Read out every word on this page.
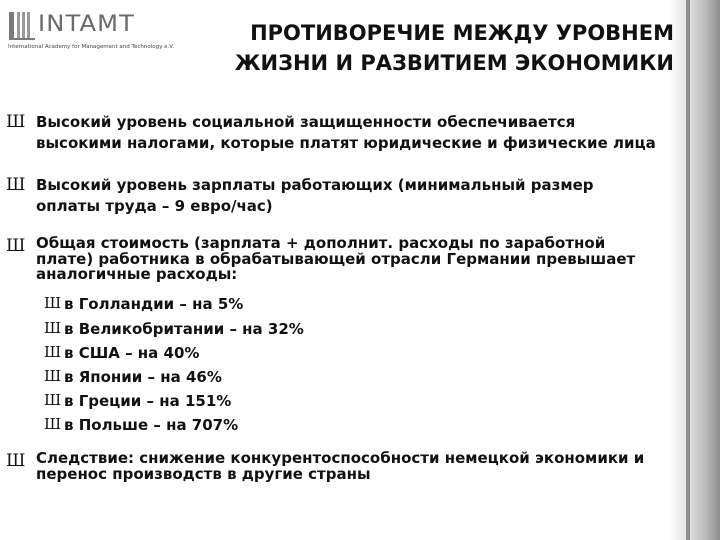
INTAMT
International Academy for Management and Technology e.V.
ПРОТИВОРЕЧИЕ МЕЖДУ УРОВНЕМ
ЖИЗНИ И РАЗВИТИЕМ ЭКОНОМИКИ
Ш Высокий уровень социальной защищенности обеспечивается высокими налогами, которые платят юридические и физические лица
Ш Высокий уровень зарплаты работающих (минимальный размер оплаты труда – 9 евро/час)
Ш Общая стоимость (зарплата + дополнит. расходы по заработной плате) работника в обрабатывающей отрасли Германии превышает аналогичные расходы:
Ш в Голландии – на 5%
Ш в Великобритании – на 32%
Ш в США – на 40%
Ш в Японии – на 46%
Ш в Греции – на 151%
Ш в Польше – на 707%
Ш Следствие: снижение конкурентоспособности немецкой экономики и перенос производств в другие страны
